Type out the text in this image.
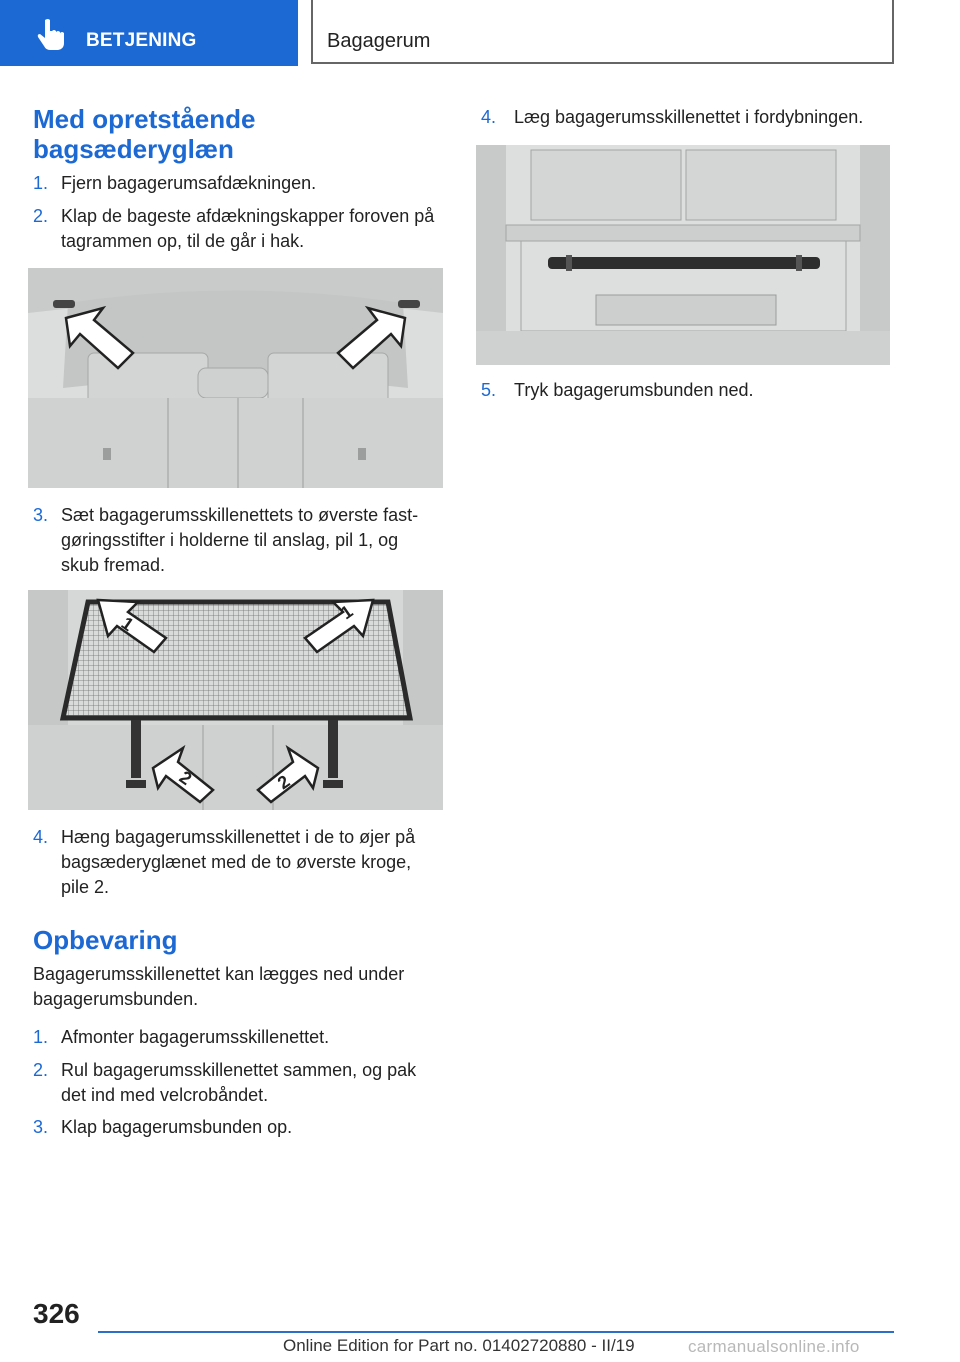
BETJENING	Bagagerum
Med opretstående bagsæderyglæn
1. Fjern bagagerumsafdækningen.
2. Klap de bageste afdækningskapper foroven på tagrammen op, til de går i hak.
3. Sæt bagagerumsskillenettets to øverste fast-gøringsstifter i holderne til anslag, pil 1, og skub fremad.
1
1
2	2
4. Hæng bagagerumsskillenettet i de to øjer på bagsæderyglænet med de to øverste kroge, pile 2.
Opbevaring
Bagagerumsskillenettet kan lægges ned under bagagerumsbunden.
1. Afmonter bagagerumsskillenettet.
2. Rul bagagerumsskillenettet sammen, og pak det ind med velcrobåndet.
3. Klap bagagerumsbunden op.
4. Læg bagagerumsskillenettet i fordybningen.
5. Tryk bagagerumsbunden ned.
326
Online Edition for Part no. 01402720880 - II/19	carmanualsonline.info
